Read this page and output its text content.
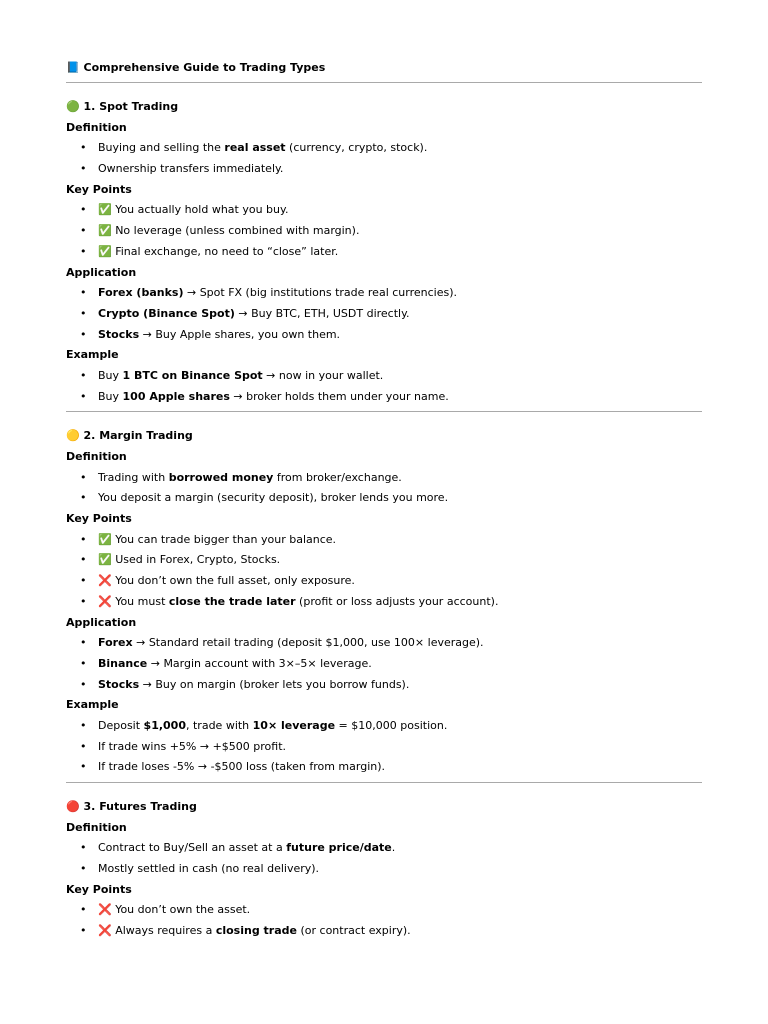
📘 Comprehensive Guide to Trading Types
🟢 1. Spot Trading
Definition
• Buying and selling the real asset (currency, crypto, stock).
• Ownership transfers immediately.
Key Points
• ✅ You actually hold what you buy.
• ✅ No leverage (unless combined with margin).
• ✅ Final exchange, no need to “close” later.
Application
• Forex (banks) → Spot FX (big institutions trade real currencies).
• Crypto (Binance Spot) → Buy BTC, ETH, USDT directly.
• Stocks → Buy Apple shares, you own them.
Example
• Buy 1 BTC on Binance Spot → now in your wallet.
• Buy 100 Apple shares → broker holds them under your name.
🟡 2. Margin Trading
Definition
• Trading with borrowed money from broker/exchange.
• You deposit a margin (security deposit), broker lends you more.
Key Points
• ✅ You can trade bigger than your balance.
• ✅ Used in Forex, Crypto, Stocks.
• ❌ You don’t own the full asset, only exposure.
• ❌ You must close the trade later (profit or loss adjusts your account).
Application
• Forex → Standard retail trading (deposit $1,000, use 100× leverage).
• Binance → Margin account with 3×–5× leverage.
• Stocks → Buy on margin (broker lets you borrow funds).
Example
• Deposit $1,000, trade with 10× leverage = $10,000 position.
• If trade wins +5% → +$500 profit.
• If trade loses -5% → -$500 loss (taken from margin).
🔴 3. Futures Trading
Definition
• Contract to Buy/Sell an asset at a future price/date.
• Mostly settled in cash (no real delivery).
Key Points
• ❌ You don’t own the asset.
• ❌ Always requires a closing trade (or contract expiry).
